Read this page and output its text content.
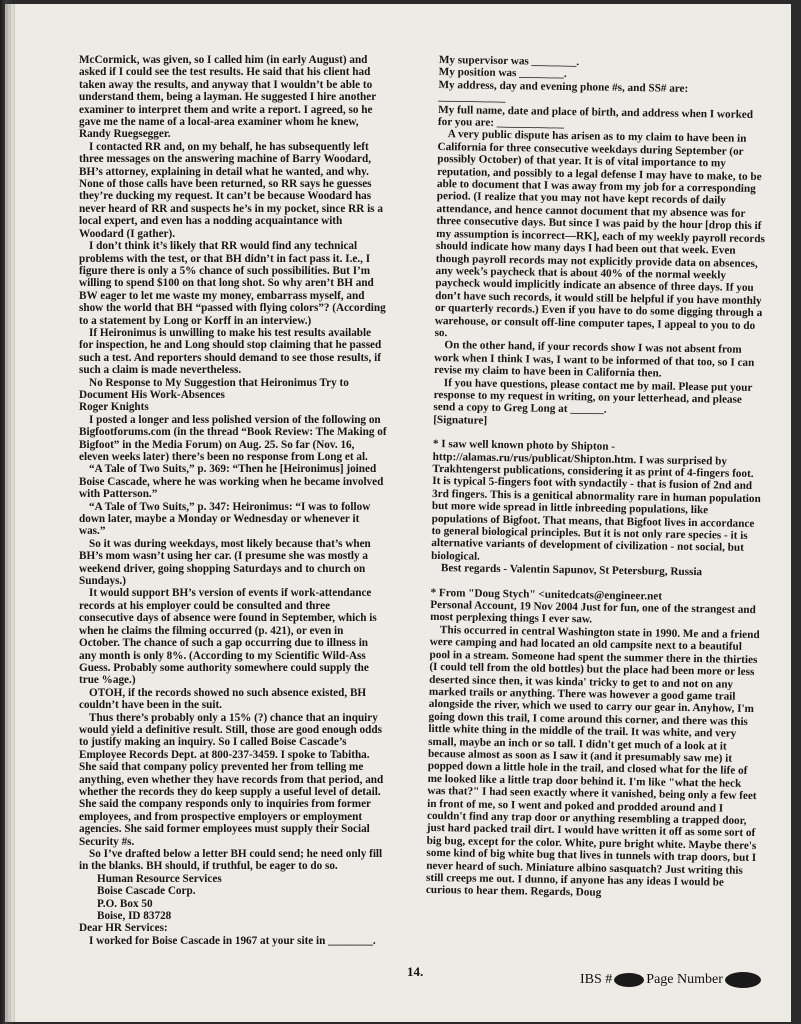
McCormick, was given, so I called him (in early August) and asked if I could see the test results. He said that his client had taken away the results, and anyway that I wouldn’t be able to understand them, being a layman. He suggested I hire another examiner to interpret them and write a report. I agreed, so he gave me the name of a local-area examiner whom he knew, Randy Ruegsegger.

I contacted RR and, on my behalf, he has subsequently left three messages on the answering machine of Barry Woodard, BH’s attorney, explaining in detail what he wanted, and why. None of those calls have been returned, so RR says he guesses they’re ducking my request. It can’t be because Woodard has never heard of RR and suspects he’s in my pocket, since RR is a local expert, and even has a nodding acquaintance with Woodard (I gather).

I don’t think it’s likely that RR would find any technical problems with the test, or that BH didn’t in fact pass it. I.e., I figure there is only a 5% chance of such possibilities. But I’m willing to spend $100 on that long shot. So why aren’t BH and BW eager to let me waste my money, embarrass myself, and show the world that BH “passed with flying colors”? (According to a statement by Long or Korff in an interview.)

If Heironimus is unwilling to make his test results available for inspection, he and Long should stop claiming that he passed such a test. And reporters should demand to see those results, if such a claim is made nevertheless.

No Response to My Suggestion that Heironimus Try to Document His Work-Absences

Roger Knights

I posted a longer and less polished version of the following on Bigfootforums.com (in the thread “Book Review: The Making of Bigfoot” in the Media Forum) on Aug. 25. So far (Nov. 16, eleven weeks later) there’s been no response from Long et al.

“A Tale of Two Suits,” p. 369: “Then he [Heironimus] joined Boise Cascade, where he was working when he became involved with Patterson.”

“A Tale of Two Suits,” p. 347: Heironimus: “I was to follow down later, maybe a Monday or Wednesday or whenever it was.”

So it was during weekdays, most likely because that’s when BH’s mom wasn’t using her car. (I presume she was mostly a weekend driver, going shopping Saturdays and to church on Sundays.)

It would support BH’s version of events if work-attendance records at his employer could be consulted and three consecutive days of absence were found in September, which is when he claims the filming occurred (p. 421), or even in October. The chance of such a gap occurring due to illness in any month is only 8%. (According to my Scientific Wild-Ass Guess. Probably some authority somewhere could supply the true %age.)

OTOH, if the records showed no such absence existed, BH couldn’t have been in the suit.

Thus there’s probably only a 15% (?) chance that an inquiry would yield a definitive result. Still, those are good enough odds to justify making an inquiry. So I called Boise Cascade’s Employee Records Dept. at 800-237-3459. I spoke to Tabitha. She said that company policy prevented her from telling me anything, even whether they have records from that period, and whether the records they do keep supply a useful level of detail. She said the company responds only to inquiries from former employees, and from prospective employers or employment agencies. She said former employees must supply their Social Security #s.

So I’ve drafted below a letter BH could send; he need only fill in the blanks. BH should, if truthful, be eager to do so.

Human Resource Services

Boise Cascade Corp.

P.O. Box 50

Boise, ID 83728

Dear HR Services:

I worked for Boise Cascade in 1967 at your site in ________.

My supervisor was ________.

My position was ________.

My address, day and evening phone #s, and SS# are:

____________

My full name, date and place of birth, and address when I worked for you are: ____________

A very public dispute has arisen as to my claim to have been in California for three consecutive weekdays during September (or possibly October) of that year. It is of vital importance to my reputation, and possibly to a legal defense I may have to make, to be able to document that I was away from my job for a corresponding period. (I realize that you may not have kept records of daily attendance, and hence cannot document that my absence was for three consecutive days. But since I was paid by the hour [drop this if my assumption is incorrect—RK], each of my weekly payroll records should indicate how many days I had been out that week. Even though payroll records may not explicitly provide data on absences, any week’s paycheck that is about 40% of the normal weekly paycheck would implicitly indicate an absence of three days. If you don’t have such records, it would still be helpful if you have monthly or quarterly records.) Even if you have to do some digging through a warehouse, or consult off-line computer tapes, I appeal to you to do so.

On the other hand, if your records show I was not absent from work when I think I was, I want to be informed of that too, so I can revise my claim to have been in California then.

If you have questions, please contact me by mail. Please put your response to my request in writing, on your letterhead, and please send a copy to Greg Long at ______.

[Signature]

* I saw well known photo by Shipton - http://alamas.ru/rus/publicat/Shipton.htm. I was surprised by Trakhtengerst publications, considering it as print of 4-fingers foot. It is typical 5-fingers foot with syndactily - that is fusion of 2nd and 3rd fingers. This is a genitical abnormality rare in human population but more wide spread in little inbreeding populations, like populations of Bigfoot. That means, that Bigfoot lives in accordance to general biological principles. But it is not only rare species - it is alternative variants of development of civilization - not social, but biological.

Best regards - Valentin Sapunov, St Petersburg, Russia

* From "Doug Stych" <unitedcats@engineer.net

Personal Account, 19 Nov 2004 Just for fun, one of the strangest and most perplexing things I ever saw.

This occurred in central Washington state in 1990. Me and a friend were camping and had located an old campsite next to a beautiful pool in a stream. Someone had spent the summer there in the thirties (I could tell from the old bottles) but the place had been more or less deserted since then, it was kinda' tricky to get to and not on any marked trails or anything. There was however a good game trail alongside the river, which we used to carry our gear in. Anyhow, I'm going down this trail, I come around this corner, and there was this little white thing in the middle of the trail. It was white, and very small, maybe an inch or so tall. I didn't get much of a look at it because almost as soon as I saw it (and it presumably saw me) it popped down a little hole in the trail, and closed what for the life of me looked like a little trap door behind it. I'm like "what the heck was that?" I had seen exactly where it vanished, being only a few feet in front of me, so I went and poked and prodded around and I couldn't find any trap door or anything resembling a trapped door, just hard packed trail dirt. I would have written it off as some sort of big bug, except for the color. White, pure bright white. Maybe there's some kind of big white bug that lives in tunnels with trap doors, but I never heard of such. Miniature albino sasquatch? Just writing this still creeps me out. I dunno, if anyone has any ideas I would be curious to hear them. Regards, Doug

14.
IBS # Page Number
